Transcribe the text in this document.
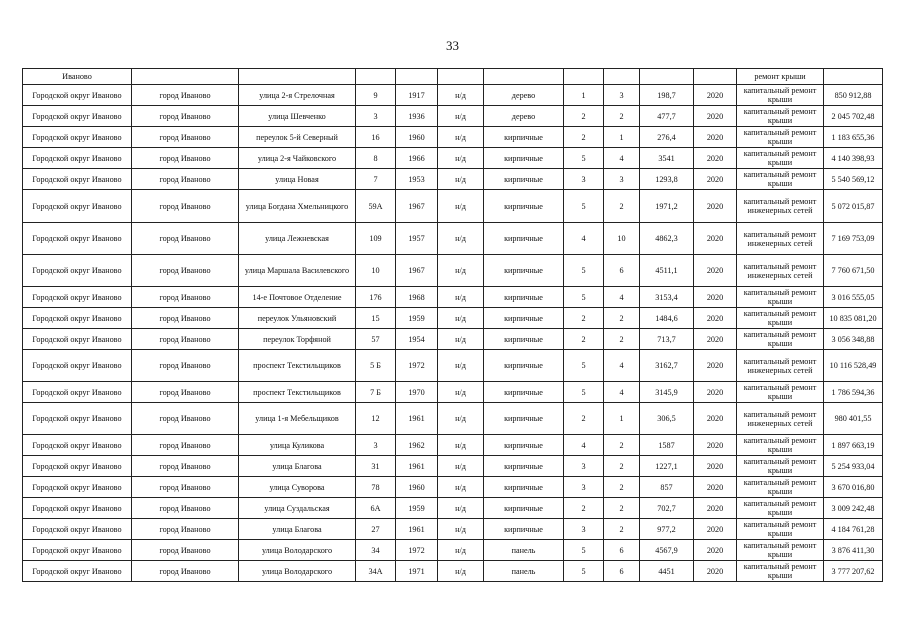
33
Иваново											ремонт крыши	
Городской округ Иваново	город Иваново	улица 2-я Стрелочная	9	1917	н/д	дерево	1	3	198,7	2020	капитальный ремонт крыши	850 912,88
Городской округ Иваново	город Иваново	улица Шевченко	3	1936	н/д	дерево	2	2	477,7	2020	капитальный ремонт крыши	2 045 702,48
Городской округ Иваново	город Иваново	переулок 5-й Северный	16	1960	н/д	кирпичные	2	1	276,4	2020	капитальный ремонт крыши	1 183 655,36
Городской округ Иваново	город Иваново	улица 2-я Чайковского	8	1966	н/д	кирпичные	5	4	3541	2020	капитальный ремонт крыши	4 140 398,93
Городской округ Иваново	город Иваново	улица Новая	7	1953	н/д	кирпичные	3	3	1293,8	2020	капитальный ремонт крыши	5 540 569,12
Городской округ Иваново	город Иваново	улица Богдана Хмельницкого	59А	1967	н/д	кирпичные	5	2	1971,2	2020	капитальный ремонт инженерных сетей	5 072 015,87
Городской округ Иваново	город Иваново	улица Лежневская	109	1957	н/д	кирпичные	4	10	4862,3	2020	капитальный ремонт инженерных сетей	7 169 753,09
Городской округ Иваново	город Иваново	улица Маршала Василевского	10	1967	н/д	кирпичные	5	6	4511,1	2020	капитальный ремонт инженерных сетей	7 760 671,50
Городской округ Иваново	город Иваново	14-е Почтовое Отделение	176	1968	н/д	кирпичные	5	4	3153,4	2020	капитальный ремонт крыши	3 016 555,05
Городской округ Иваново	город Иваново	переулок Ульяновский	15	1959	н/д	кирпичные	2	2	1484,6	2020	капитальный ремонт крыши	10 835 081,20
Городской округ Иваново	город Иваново	переулок Торфяной	57	1954	н/д	кирпичные	2	2	713,7	2020	капитальный ремонт крыши	3 056 348,88
Городской округ Иваново	город Иваново	проспект Текстильщиков	5 Б	1972	н/д	кирпичные	5	4	3162,7	2020	капитальный ремонт инженерных сетей	10 116 528,49
Городской округ Иваново	город Иваново	проспект Текстильщиков	7 Б	1970	н/д	кирпичные	5	4	3145,9	2020	капитальный ремонт крыши	1 786 594,36
Городской округ Иваново	город Иваново	улица 1-я Мебельщиков	12	1961	н/д	кирпичные	2	1	306,5	2020	капитальный ремонт инженерных сетей	980 401,55
Городской округ Иваново	город Иваново	улица Куликова	3	1962	н/д	кирпичные	4	2	1587	2020	капитальный ремонт крыши	1 897 663,19
Городской округ Иваново	город Иваново	улица Благова	31	1961	н/д	кирпичные	3	2	1227,1	2020	капитальный ремонт крыши	5 254 933,04
Городской округ Иваново	город Иваново	улица Суворова	78	1960	н/д	кирпичные	3	2	857	2020	капитальный ремонт крыши	3 670 016,80
Городской округ Иваново	город Иваново	улица Суздальская	6А	1959	н/д	кирпичные	2	2	702,7	2020	капитальный ремонт крыши	3 009 242,48
Городской округ Иваново	город Иваново	улица Благова	27	1961	н/д	кирпичные	3	2	977,2	2020	капитальный ремонт крыши	4 184 761,28
Городской округ Иваново	город Иваново	улица Володарского	34	1972	н/д	панель	5	6	4567,9	2020	капитальный ремонт крыши	3 876 411,30
Городской округ Иваново	город Иваново	улица Володарского	34А	1971	н/д	панель	5	6	4451	2020	капитальный ремонт крыши	3 777 207,62
